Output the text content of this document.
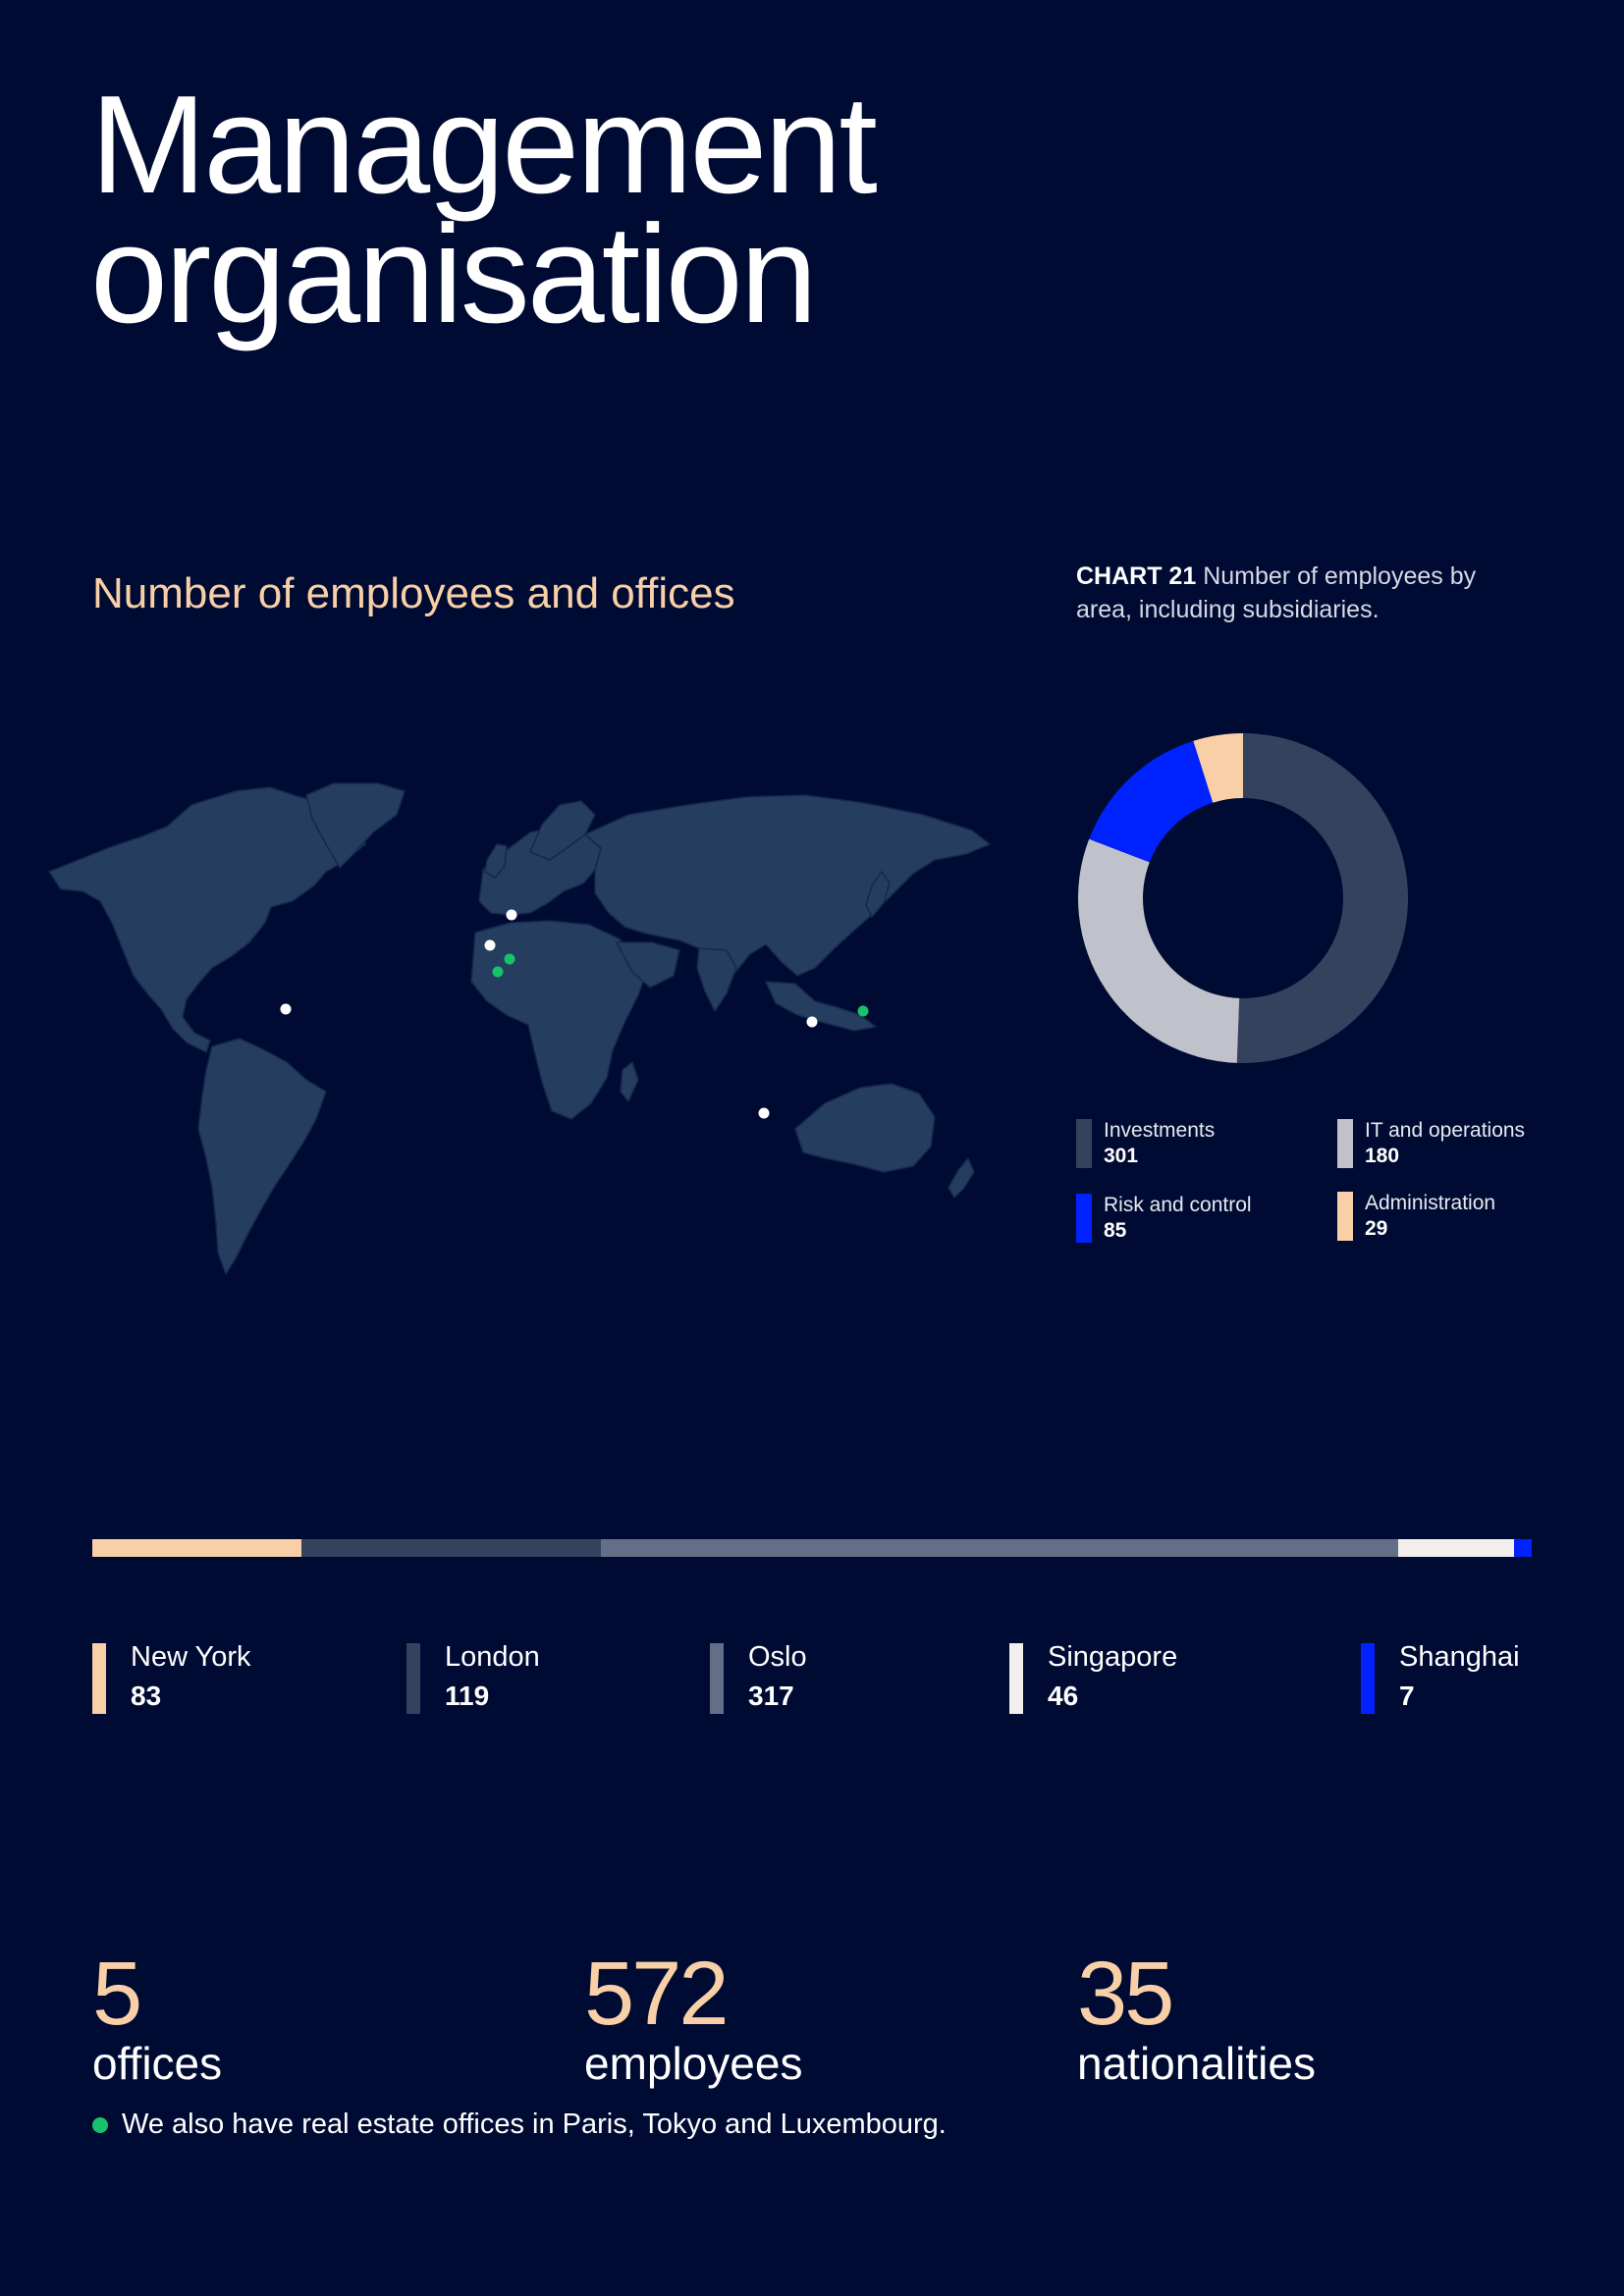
Management
organisation
Number of employees and offices	CHART 21 Number of employees by area, including subsidiaries.
Investments
301
IT and operations
180
Risk and control
85
Administration
29
New York
83
London
119
Oslo
317
Singapore
46
Shanghai
7
5
offices
572
employees
35
nationalities
We also have real estate offices in Paris, Tokyo and Luxembourg.
